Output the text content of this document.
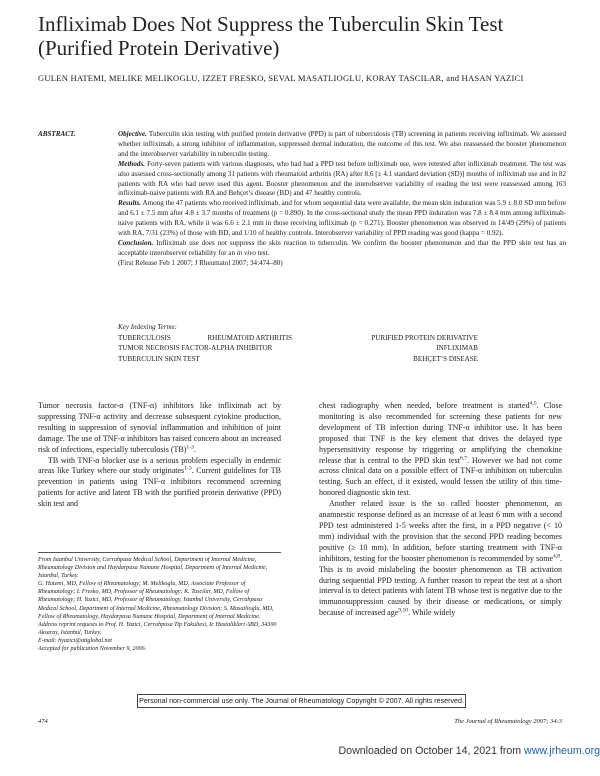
Infliximab Does Not Suppress the Tuberculin Skin Test (Purified Protein Derivative)
GULEN HATEMI, MELIKE MELIKOGLU, IZZET FRESKO, SEVAL MASATLIOGLU, KORAY TASCILAR, and HASAN YAZICI
ABSTRACT.	Objective. Tuberculin skin testing with purified protein derivative (PPD) is part of tuberculosis (TB) screening in patients receiving infliximab. We assessed whether infliximab, a strong inhibitor of inflammation, suppressed dermal induration, the outcome of this test. We also reassessed the booster phenomenon and the interobserver variability in tuberculin testing.

Methods. Forty-seven patients with various diagnoses, who had had a PPD test before infliximab use, were retested after infliximab treatment. The test was also assessed cross-sectionally among 31 patients with rheumatoid arthritis (RA) after 8.6 [± 4.1 standard deviation (SD)] months of infliximab use and in 82 patients with RA who had never used this agent. Booster phenomenon and the interobserver variability of reading the test were reassessed among 163 infliximab-naive patients with RA and Behçet’s disease (BD) and 47 healthy controls.

Results. Among the 47 patients who received infliximab, and for whom sequential data were available, the mean skin induration was 5.9 ± 8.0 SD mm before and 6.1 ± 7.5 mm after 4.8 ± 3.7 months of treatment (p = 0.890). In the cross-sectional study the mean PPD induration was 7.8 ± 8.4 mm among infliximab-naive patients with RA, while it was 6.6 ± 2.1 mm in those receiving infliximab (p = 0.271). Booster phenomenon was observed in 14/49 (29%) of patients with RA, 7/31 (23%) of those with BD, and 1/10 of healthy controls. Interobserver variability of PPD reading was good (kappa = 0.92).

Conclusion. Infliximab use does not suppress the skin reaction to tuberculin. We confirm the booster phenomenon and that the PPD skin test has an acceptable interobserver reliability for an in vivo test.

(First Release Feb 1 2007; J Rheumatol 2007; 34:474–80)

Key Indexing Terms:
TUBERCULOSIS	RHEUMATOID ARTHRITIS	PURIFIED PROTEIN DERIVATIVE
TUMOR NECROSIS FACTOR-ALPHA INHIBITOR	INFLIXIMAB
TUBERCULIN SKIN TEST	BEHÇET’S DISEASE

Tumor necrosis factor-α (TNF-α) inhibitors like infliximab act by suppressing TNF-α activity and decrease subsequent cytokine production, resulting in suppression of synovial inflammation and inhibition of joint damage. The use of TNF-α inhibitors has raised concern about an increased risk of infections, especially tuberculosis (TB)$^{1-3}$.

TB with TNF-α blocker use is a serious problem especially in endemic areas like Turkey where our study originates$^{1-3}$. Current guidelines for TB prevention in patients using TNF-α inhibitors recommend screening patients for active and latent TB with the purified protein derivative (PPD) skin test and

From Istanbul University, Cerrahpasa Medical School, Department of Internal Medicine, Rheumatology Division and Haydarpasa Numune Hospital, Department of Internal Medicine, Istanbul, Turkey.

G. Hatemi, MD, Fellow of Rheumatology; M. Melikoglu, MD, Associate Professor of Rheumatology; I. Fresko, MD, Professor of Rheumatology; K. Tascilar, MD, Fellow of Rheumatology; H. Yazici, MD, Professor of Rheumatology, Istanbul University, Cerrahpasa Medical School, Department of Internal Medicine, Rheumatology Division; S. Masatlioglu, MD, Fellow of Rheumatology, Haydarpasa Numune Hospital, Department of Internal Medicine.

Address reprint requests to Prof. H. Yazici, Cerrahpasa Tip Fakultesi, Ic Hastaliklari ABD, 34300 Aksaray, Istanbul, Turkey.

E-mail: hyazici@attglobal.net

Accepted for publication November 9, 2006.

chest radiography when needed, before treatment is started$^{4,5}$. Close monitoring is also recommended for screening these patients for new development of TB infection during TNF-α inhibitor use. It has been proposed that TNF is the key element that drives the delayed type hypersensitivity response by triggering or amplifying the chemokine release that is central to the PPD skin test$^{6,7}$. However we had not come across clinical data on a possible effect of TNF-α inhibition on tuberculin testing. Such an effect, if it existed, would lessen the utility of this time-honored diagnostic skin test.

Another related issue is the so called booster phenomenon, an anamnestic response defined as an increase of at least 6 mm with a second PPD test administered 1-5 weeks after the first, in a PPD negative (< 10 mm) individual with the provision that the second PPD reading becomes positive (≥ 10 mm). In addition, before starting treatment with TNF-α inhibitors, testing for the booster phenomenon is recommended by some$^{4,8}$. This is to avoid mislabeling the booster phenomenon as TB activation during sequential PPD testing. A further reason to repeat the test at a short interval is to detect patients with latent TB whose test is negative due to the immunosuppression caused by their disease or medications, or simply because of increased age$^{9,10}$. While widely

Personal non-commercial use only. The Journal of Rheumatology Copyright © 2007. All rights reserved.
474	The Journal of Rheumatology 2007; 34:3
Downloaded on October 14, 2021 from www.jrheum.org
